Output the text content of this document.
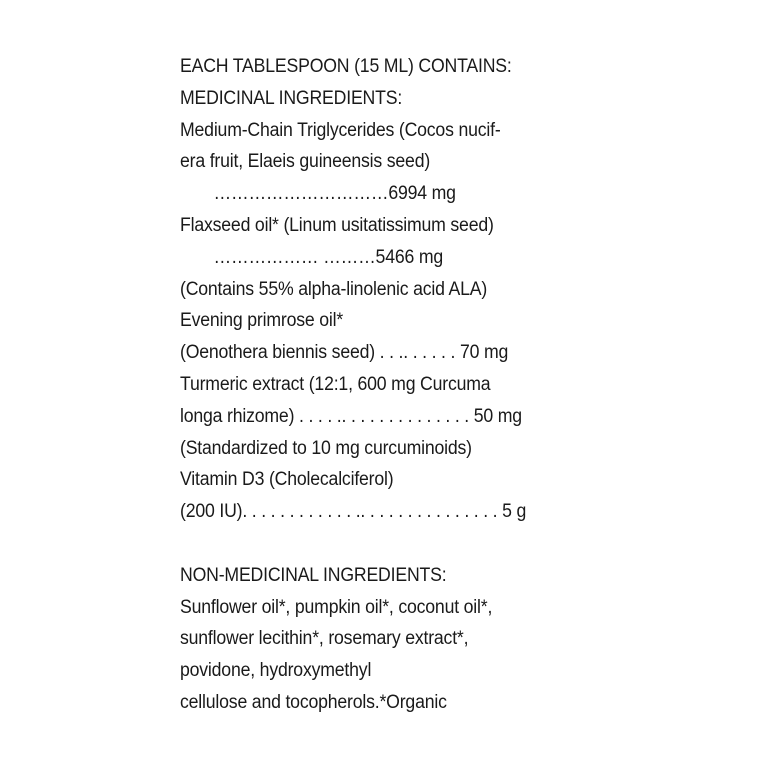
EACH TABLESPOON (15 ML) CONTAINS:
MEDICINAL INGREDIENTS:
Medium-Chain Triglycerides (Cocos nucif-
era fruit, Elaeis guineensis seed)
…………………………6994 mg
Flaxseed oil* (Linum usitatissimum seed)
……………… ………5466 mg
(Contains 55% alpha-linolenic acid ALA)
Evening primrose oil*
(Oenothera biennis seed) . . .. . . . . . 70 mg
Turmeric extract (12:1, 600 mg Curcuma
longa rhizome) . . . . .. . . . . . . . . . . . . . 50 mg
(Standardized to 10 mg curcuminoids)
Vitamin D3 (Cholecalciferol)
(200 IU). . . . . . . . . . . . .. . . . . . . . . . . . . . . 5 g
NON-MEDICINAL INGREDIENTS:
Sunflower oil*, pumpkin oil*, coconut oil*,
sunflower lecithin*, rosemary extract*,
povidone, hydroxymethyl
cellulose and tocopherols.*Organic
